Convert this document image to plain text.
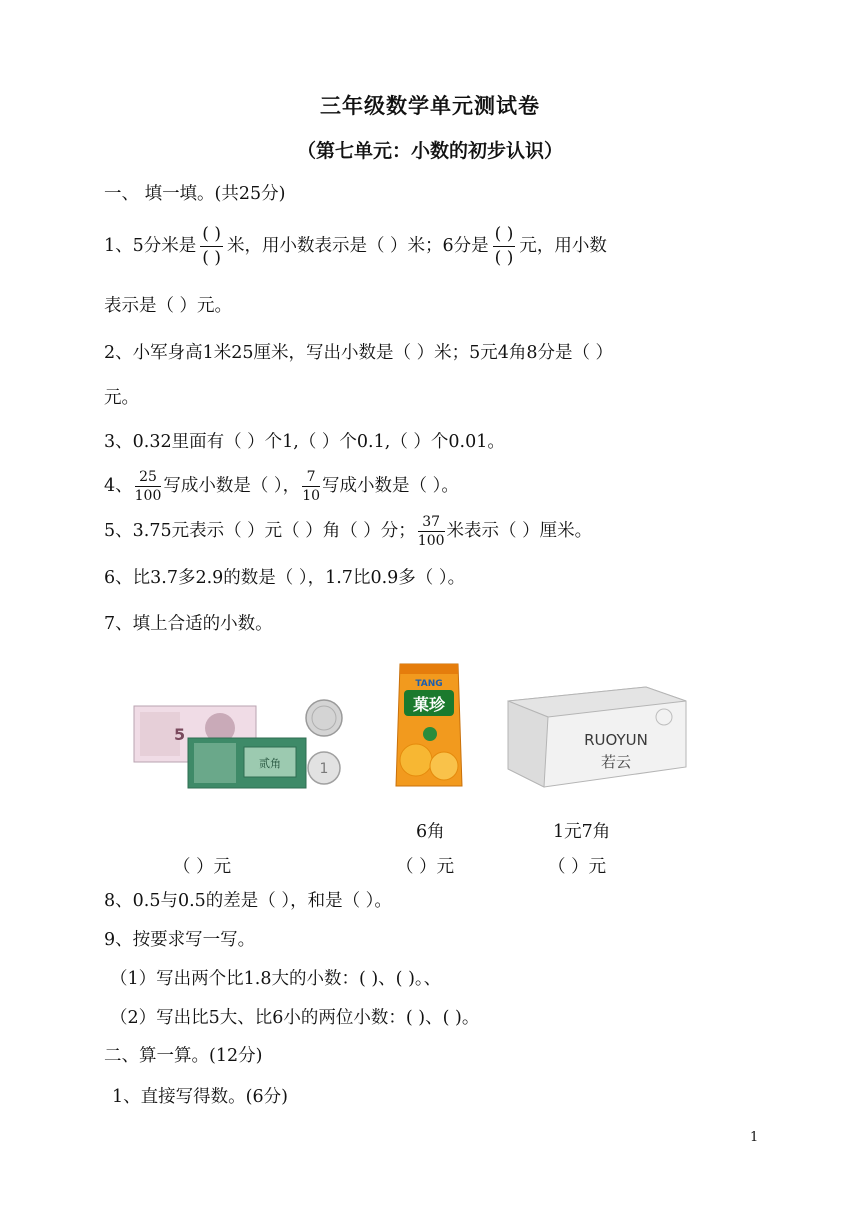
三年级数学单元测试卷
（第七单元：小数的初步认识）
一、 填一填。(共25分)
1、5分米是 $\frac{( )}{( )}$ 米，用小数表示是（ ）米；6分是 $\frac{( )}{( )}$ 元，用小数
表示是（ ）元。
2、小军身高1米25厘米，写出小数是（ ）米；5元4角8分是（ ）
元。
3、0.32里面有（ ）个1,（ ）个0.1,（ ）个0.01。
4、 $\frac{25}{100}$ 写成小数是（ ）， $\frac{7}{10}$ 写成小数是（ ）。
5、3.75元表示（ ）元（ ）角（ ）分； $\frac{37}{100}$ 米表示（ ）厘米。
6、比3.7多2.9的数是（ ），1.7比0.9多（ ）。
7、填上合适的小数。
5
贰角	1
TANG
菓珍
RUOYUN
若云
6角	1元7角
（ ）元	（ ）元	（ ）元
8、0.5与0.5的差是（ ），和是（ ）。
9、按要求写一写。
（1）写出两个比1.8大的小数：( )、( )。、
（2）写出比5大、比6小的两位小数：( )、( )。
二、算一算。(12分)
1、直接写得数。(6分)
1
